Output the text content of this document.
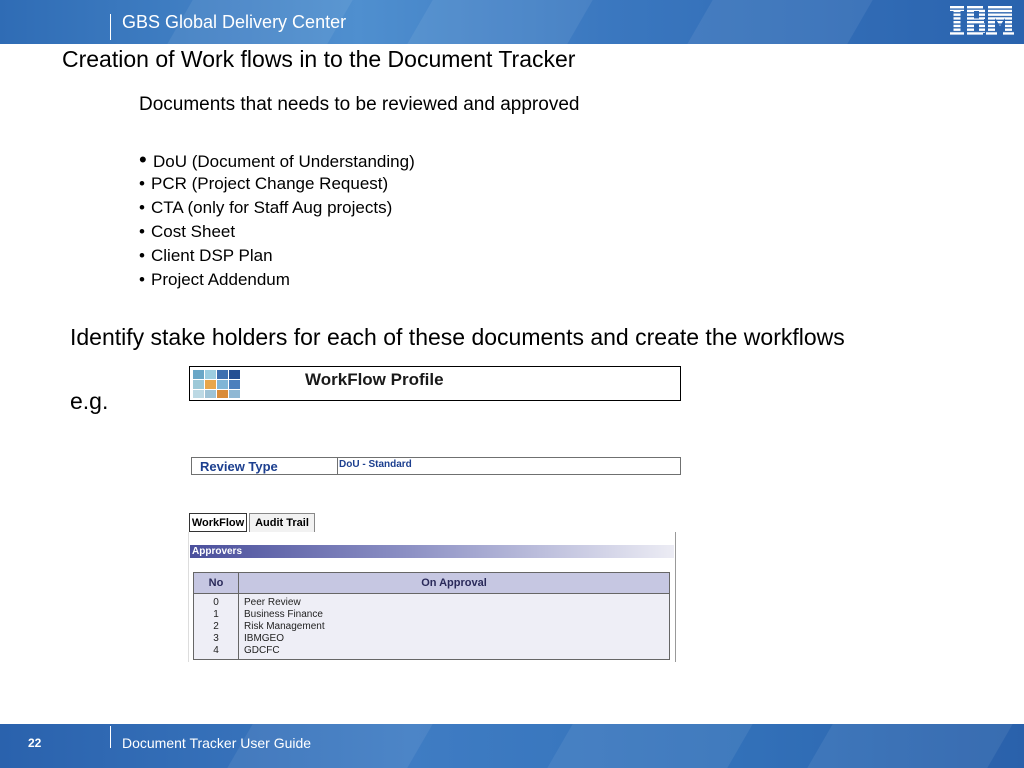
GBS Global Delivery Center
Creation of Work flows in to the Document Tracker
Documents that needs to be reviewed and approved
• DoU (Document of Understanding)
• PCR (Project Change Request)
• CTA (only for Staff Aug projects)
• Cost Sheet
• Client DSP Plan
• Project Addendum
Identify stake holders for each of these documents and create the workflows
e.g.
WorkFlow Profile
Review Type	DoU - Standard
WorkFlow Audit Trail
Approvers
No	On Approval
0	Peer Review
1	Business Finance
2	Risk Management
3	IBMGEO
4	GDCFC
22	Document Tracker User Guide
